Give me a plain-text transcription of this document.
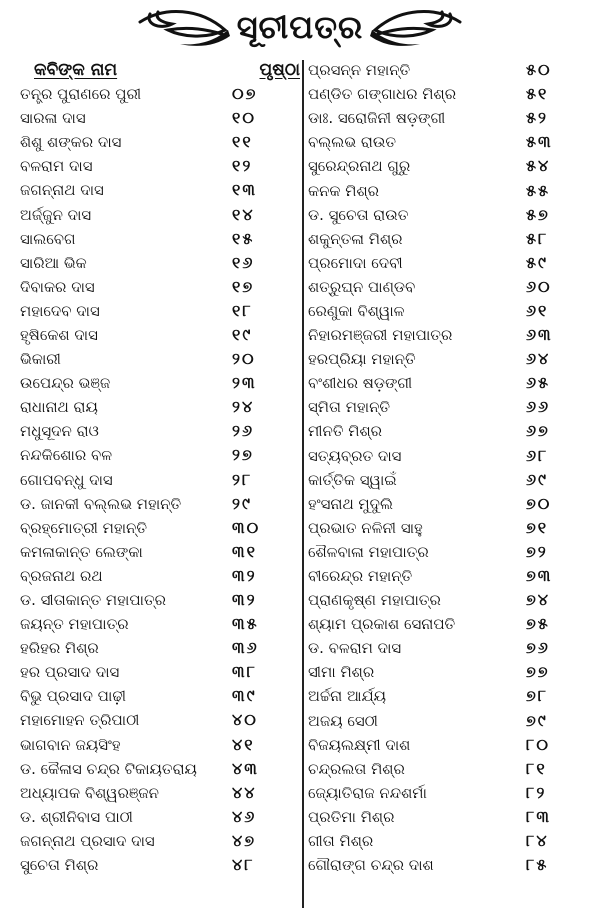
ସୂଚୀପତ୍ର
କବିଙ୍କ ନାମ	ପୃଷ୍ଠା
ତନ୍ତ୍ର ପୁରାଣରେ ପୁରୀ	୦୭
ସାରଳା ଦାସ	୧୦
ଶିଶୁ ଶଙ୍କର ଦାସ	୧୧
ବଳରାମ ଦାସ	୧୨
ଜଗନ୍ନାଥ ଦାସ	୧୩
ଅର୍ଜ୍ଜୁନ ଦାସ	୧୪
ସାଲବେଗ	୧୫
ସାରିଆ ଭିକ	୧୬
ଦିବାକର ଦାସ	୧୭
ମହାଦେବ ଦାସ	୧୮
ହୃଷିକେଶ ଦାସ	୧୯
ଭିକାରୀ	୨୦
ଉପେନ୍ଦ୍ର ଭଞ୍ଜ	୨୩
ରାଧାନାଥ ରାୟ	୨୪
ମଧୁସୂଦନ ରାଓ	୨୬
ନନ୍ଦକିଶୋର ବଳ	୨୭
ଗୋପବନ୍ଧୁ ଦାସ	୨୮
ଡ. ଜାନକୀ ବଲ୍ଲଭ ମହାନ୍ତି	୨୯
ବ୍ରହ୍ମୋତ୍ରୀ ମହାନ୍ତି	୩୦
କମଳାକାନ୍ତ ଲେଙ୍କା	୩୧
ବ୍ରଜନାଥ ରଥ	୩୨
ଡ. ସୀତାକାନ୍ତ ମହାପାତ୍ର	୩୨
ଜୟନ୍ତ ମହାପାତ୍ର	୩୫
ହରିହର ମିଶ୍ର	୩୬
ହର ପ୍ରସାଦ ଦାସ	୩୮
ବିଭୁ ପ୍ରସାଦ ପାଢ଼ୀ	୩୯
ମହାମୋହନ ତ୍ରିପାଠୀ	୪୦
ଭାଗବାନ ଜୟସିଂହ	୪୧
ଡ. କୈଳାସ ଚନ୍ଦ୍ର ଟିକାୟତରାୟ ୪୩
ଅଧ୍ୟାପକ ବିଶ୍ୱରଞ୍ଜନ	୪୪
ଡ. ଶ୍ରୀନିବାସ ପାଠୀ	୪୬
ଜଗନ୍ନାଥ ପ୍ରସାଦ ଦାସ	୪୭
ସୁଚେତା ମିଶ୍ର	୪୮
ପ୍ରସନ୍ନ ମହାନ୍ତି	୫୦
ପଣ୍ଡିତ ଗଙ୍ଗାଧର ମିଶ୍ର	୫୧
ଡାଃ. ସରୋଜିନୀ ଷଡ଼ଙ୍ଗୀ	୫୨
ବଲ୍ଲଭ ରାଉତ	୫୩
ସୁରେନ୍ଦ୍ରନାଥ ଗୁରୁ	୫୪
କନକ ମିଶ୍ର	୫୫
ଡ. ସୁଚେତା ରାଉତ	୫୭
ଶକୁନ୍ତଳା ମିଶ୍ର	୫୮
ପ୍ରମୋଦା ଦେବୀ	୫୯
ଶତ୍ରୁଘ୍ନ ପାଣ୍ଡବ	୬୦
ରେଣୁକା ବିଶ୍ୱାଳ	୬୧
ନିହାରମଞ୍ଜରୀ ମହାପାତ୍ର	୬୩
ହରପ୍ରିୟା ମହାନ୍ତି	୬୪
ବଂଶୀଧର ଷଡ଼ଙ୍ଗୀ	୬୫
ସ୍ମିତା ମହାନ୍ତି	୬୬
ମୀନତି ମିଶ୍ର	୬୭
ସତ୍ୟବ୍ରତ ଦାସ	୬୮
କାର୍ତ୍ତିକ ସ୍ୱାଇଁ	୬୯
ହଂସନାଥ ମୁଦୁଲି	୭୦
ପ୍ରଭାତ ନଳିନୀ ସାହୁ	୭୧
ଶୈଳବାଳା ମହାପାତ୍ର	୭୨
ବୀରେନ୍ଦ୍ର ମହାନ୍ତି	୭୩
ପ୍ରାଣକୃଷ୍ଣ ମହାପାତ୍ର	୭୪
ଶ୍ୟାମ ପ୍ରକାଶ ସେନାପତି	୭୫
ଡ. ବଳରାମ ଦାସ	୭୬
ସୀମା ମିଶ୍ର	୭୭
ଅର୍ଚ୍ଚନା ଆର୍ଯ୍ୟ	୭୮
ଅଜୟ ସେଠୀ	୭୯
ବିଜୟଲକ୍ଷ୍ମୀ ଦାଶ	୮୦
ଚନ୍ଦ୍ରଲତା ମିଶ୍ର	୮୧
ଜ୍ୟୋତିରାଜ ନନ୍ଦଶର୍ମା	୮୨
ପ୍ରତିମା ମିଶ୍ର	୮୩
ଗୀତା ମିଶ୍ର	୮୪
ଗୌରାଙ୍ଗ ଚନ୍ଦ୍ର ଦାଶ	୮୫
